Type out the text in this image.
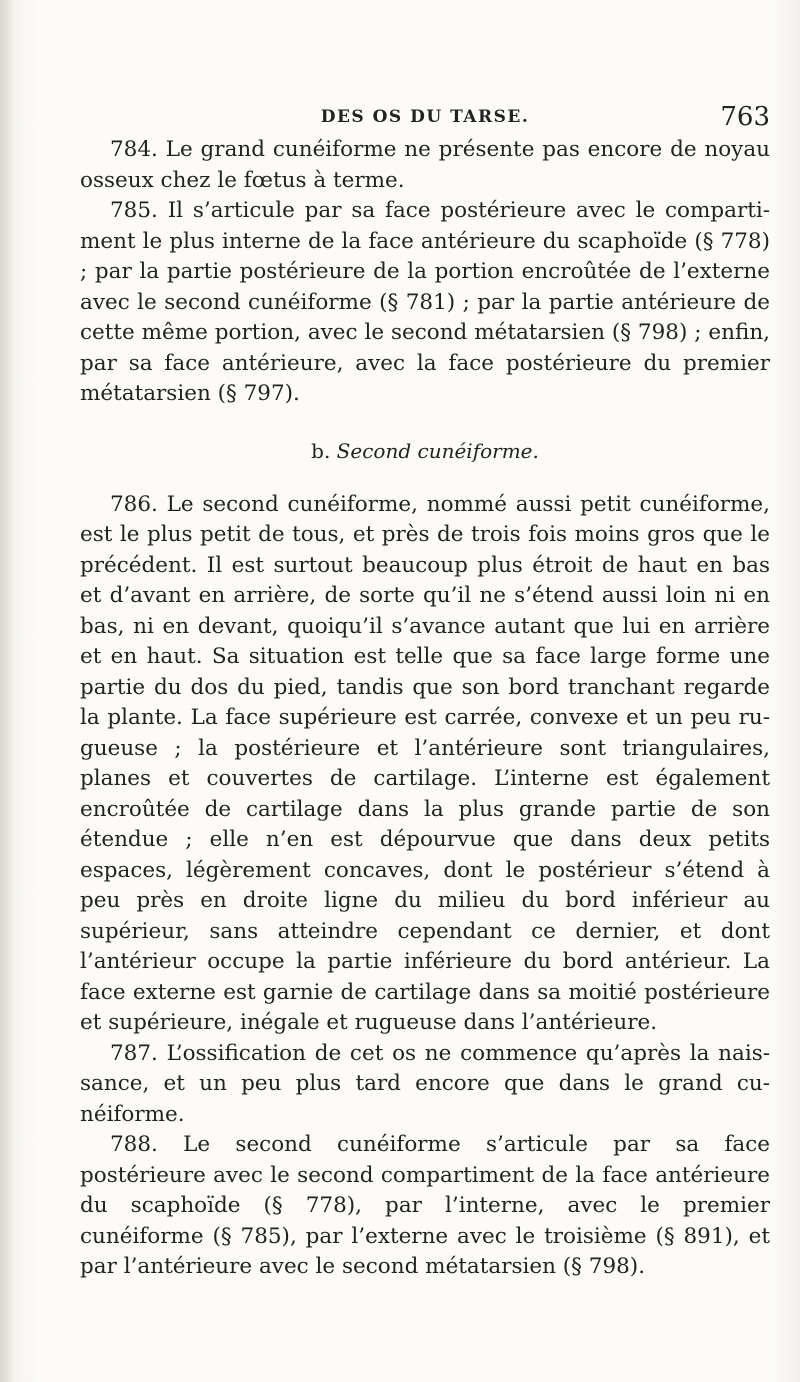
DES OS DU TARSE.	763

784. Le grand cunéiforme ne présente pas encore de noyau osseux chez le fœtus à terme.

785. Il s’articule par sa face postérieure avec le compartiment le plus interne de la face antérieure du scaphoïde (§ 778) ; par la partie postérieure de la portion encroûtée de l’externe avec le second cunéiforme (§ 781) ; par la partie antérieure de cette même portion, avec le second métatarsien (§ 798) ; enfin, par sa face antérieure, avec la face postérieure du premier métatarsien (§ 797).

b. Second cunéiforme.

786. Le second cunéiforme, nommé aussi petit cunéiforme, est le plus petit de tous, et près de trois fois moins gros que le précédent. Il est surtout beaucoup plus étroit de haut en bas et d’avant en arrière, de sorte qu’il ne s’étend aussi loin ni en bas, ni en devant, quoiqu’il s’avance autant que lui en arrière et en haut. Sa situation est telle que sa face large forme une partie du dos du pied, tandis que son bord tranchant regarde la plante. La face supérieure est carrée, convexe et un peu rugueuse ; la postérieure et l’antérieure sont triangulaires, planes et couvertes de cartilage. L’interne est également encroûtée de cartilage dans la plus grande partie de son étendue ; elle n’en est dépourvue que dans deux petits espaces, légèrement concaves, dont le postérieur s’étend à peu près en droite ligne du milieu du bord inférieur au supérieur, sans atteindre cependant ce dernier, et dont l’antérieur occupe la partie inférieure du bord antérieur. La face externe est garnie de cartilage dans sa moitié postérieure et supérieure, inégale et rugueuse dans l’antérieure.

787. L’ossification de cet os ne commence qu’après la naissance, et un peu plus tard encore que dans le grand cunéiforme.

788. Le second cunéiforme s’articule par sa face postérieure avec le second compartiment de la face antérieure du scaphoïde (§ 778), par l’interne, avec le premier cunéiforme (§ 785), par l’externe avec le troisième (§ 891), et par l’antérieure avec le second métatarsien (§ 798).
